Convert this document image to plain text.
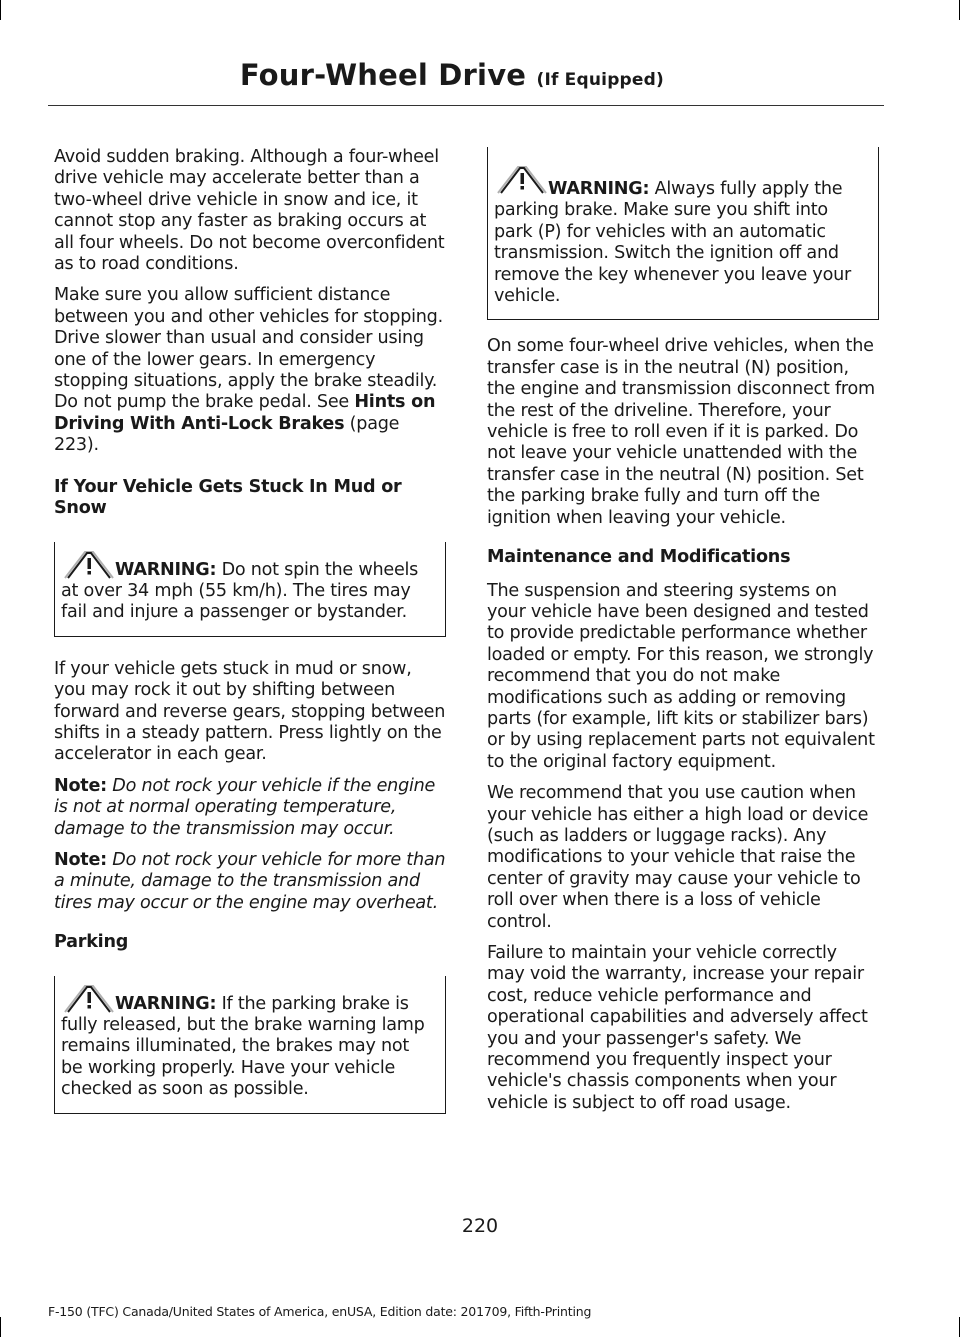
Four-Wheel Drive (If Equipped)

Avoid sudden braking. Although a four-wheel drive vehicle may accelerate better than a two-wheel drive vehicle in snow and ice, it cannot stop any faster as braking occurs at all four wheels. Do not become overconfident as to road conditions.

Make sure you allow sufficient distance between you and other vehicles for stopping. Drive slower than usual and consider using one of the lower gears. In emergency stopping situations, apply the brake steadily. Do not pump the brake pedal. See Hints on Driving With Anti-Lock Brakes (page 223).

If Your Vehicle Gets Stuck In Mud or Snow

WARNING: Do not spin the wheels at over 34 mph (55 km/h). The tires may fail and injure a passenger or bystander.

If your vehicle gets stuck in mud or snow, you may rock it out by shifting between forward and reverse gears, stopping between shifts in a steady pattern. Press lightly on the accelerator in each gear.

Note: Do not rock your vehicle if the engine is not at normal operating temperature, damage to the transmission may occur.

Note: Do not rock your vehicle for more than a minute, damage to the transmission and tires may occur or the engine may overheat.

Parking

WARNING: If the parking brake is fully released, but the brake warning lamp remains illuminated, the brakes may not be working properly. Have your vehicle checked as soon as possible.
WARNING: Always fully apply the parking brake. Make sure you shift into park (P) for vehicles with an automatic transmission. Switch the ignition off and remove the key whenever you leave your vehicle.

On some four-wheel drive vehicles, when the transfer case is in the neutral (N) position, the engine and transmission disconnect from the rest of the driveline. Therefore, your vehicle is free to roll even if it is parked. Do not leave your vehicle unattended with the transfer case in the neutral (N) position. Set the parking brake fully and turn off the ignition when leaving your vehicle.

Maintenance and Modifications

The suspension and steering systems on your vehicle have been designed and tested to provide predictable performance whether loaded or empty. For this reason, we strongly recommend that you do not make modifications such as adding or removing parts (for example, lift kits or stabilizer bars) or by using replacement parts not equivalent to the original factory equipment.

We recommend that you use caution when your vehicle has either a high load or device (such as ladders or luggage racks). Any modifications to your vehicle that raise the center of gravity may cause your vehicle to roll over when there is a loss of vehicle control.

Failure to maintain your vehicle correctly may void the warranty, increase your repair cost, reduce vehicle performance and operational capabilities and adversely affect you and your passenger's safety. We recommend you frequently inspect your vehicle's chassis components when your vehicle is subject to off road usage.

220
F-150 (TFC) Canada/United States of America, enUSA, Edition date: 201709, Fifth-Printing
